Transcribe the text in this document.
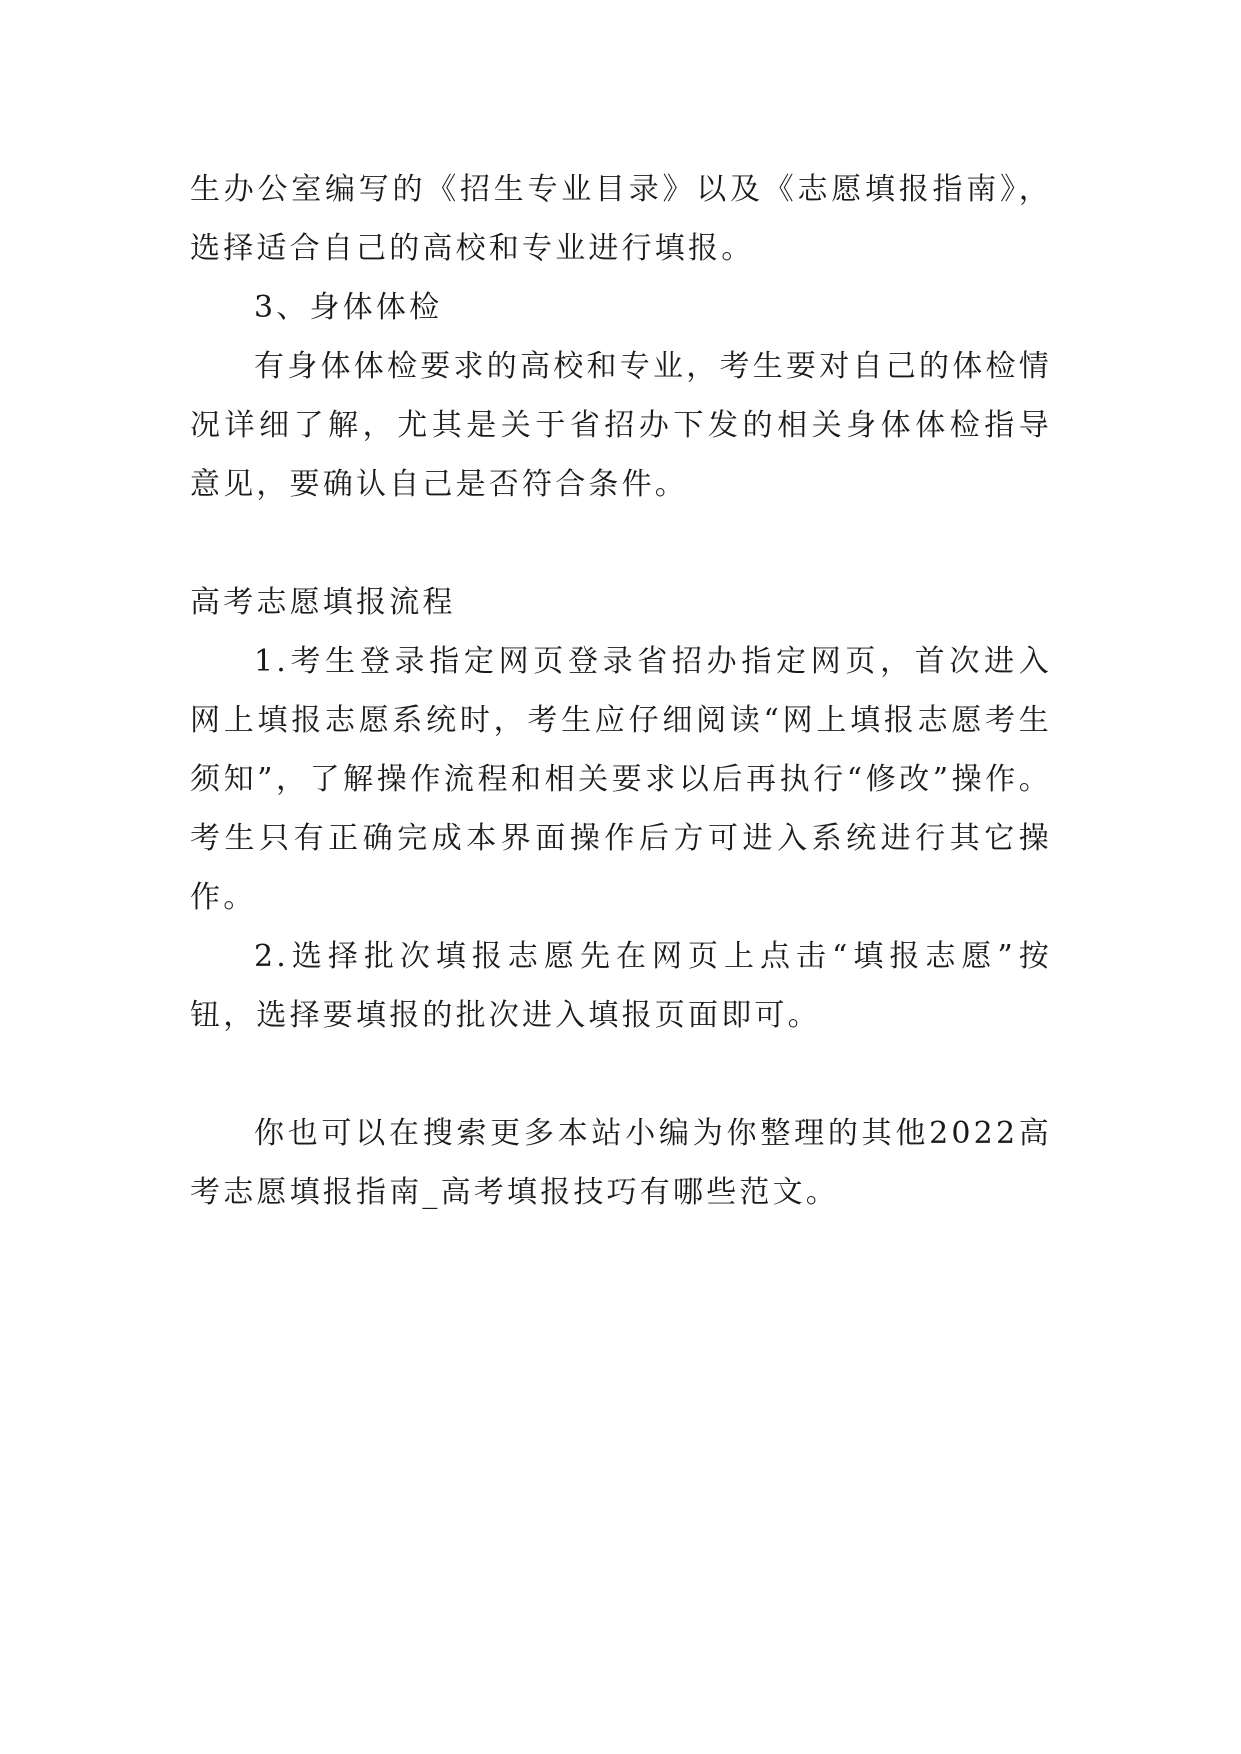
生办公室编写的《招生专业目录》以及《志愿填报指南》，选择适合自己的高校和专业进行填报。

3、身体体检

有身体体检要求的高校和专业，考生要对自己的体检情况详细了解，尤其是关于省招办下发的相关身体体检指导意见，要确认自己是否符合条件。

高考志愿填报流程

1.考生登录指定网页登录省招办指定网页，首次进入网上填报志愿系统时，考生应仔细阅读“网上填报志愿考生须知”，了解操作流程和相关要求以后再执行“修改”操作。考生只有正确完成本界面操作后方可进入系统进行其它操作。

2.选择批次填报志愿先在网页上点击“填报志愿”按钮，选择要填报的批次进入填报页面即可。

你也可以在搜索更多本站小编为你整理的其他2022高考志愿填报指南_高考填报技巧有哪些范文。
